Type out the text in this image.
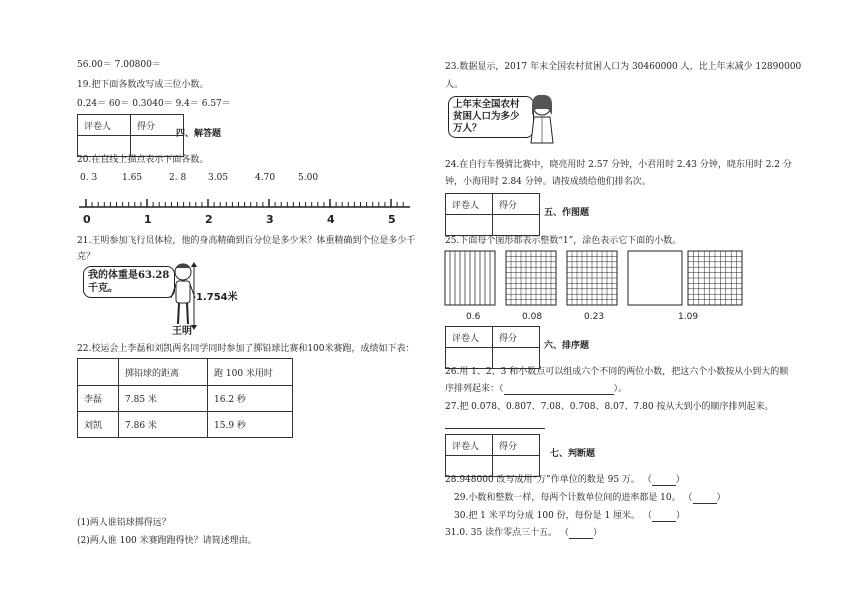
56.00＝ 7.00800＝
19.把下面各数改写成三位小数。
0.24＝ 60＝ 0.3040＝ 9.4＝ 6.57＝
评卷人	得分

四、解答题
20.在直线上描点表示下面各数。
0. 3	1.65	2. 8 3.05	4.70	5.00
0	1	2	3	4	5
21.王明参加飞行员体检，他的身高精确到百分位是多少米？体重精确到个位是多少千
克？
我的体重是63.28
千克。
1.754米
王明
22.校运会上李磊和刘凯两名同学同时参加了掷铅球比赛和100米赛跑，成绩如下表：
	掷铅球的距离	跑 100 米用时
李磊	7.85 米	16.2 秒
刘凯	7.86 米	15.9 秒
(1)两人谁铅球掷得远？
(2)两人谁 100 米赛跑跑得快？请简述理由。
23.数据显示，2017 年末全国农村贫困人口为 30460000 人，比上年末减少 12890000
人。
上年末全国农村
贫困人口为多少
万人？
24.在自行车慢骑比赛中，晓亮用时 2.57 分钟，小君用时 2.43 分钟，晓东用时 2.2 分
钟，小海用时 2.84 分钟。请按成绩给他们排名次。
评卷人	得分

五、作图题
25.下面每个图形都表示整数“1”，涂色表示它下面的小数。
0.6	0.08	0.23	1.09
评卷人	得分

六、排序题
26.用 1、2、3 和小数点可以组成六个不同的两位小数，把这六个小数按从小到大的顺
序排列起来：（	）。
27.把 0.078、0.807、7.08、0.708、8.07、7.80 按从大到小的顺序排列起来。
评卷人	得分

七、判断题
28.948000 改写成用“万”作单位的数是 95 万。 （	）
29.小数和整数一样，每两个计数单位间的进率都是 10。 （	）
30.把 1 米平均分成 100 份，每份是 1 厘米。 （	）
31.0. 35 读作零点三十五。 （	）
